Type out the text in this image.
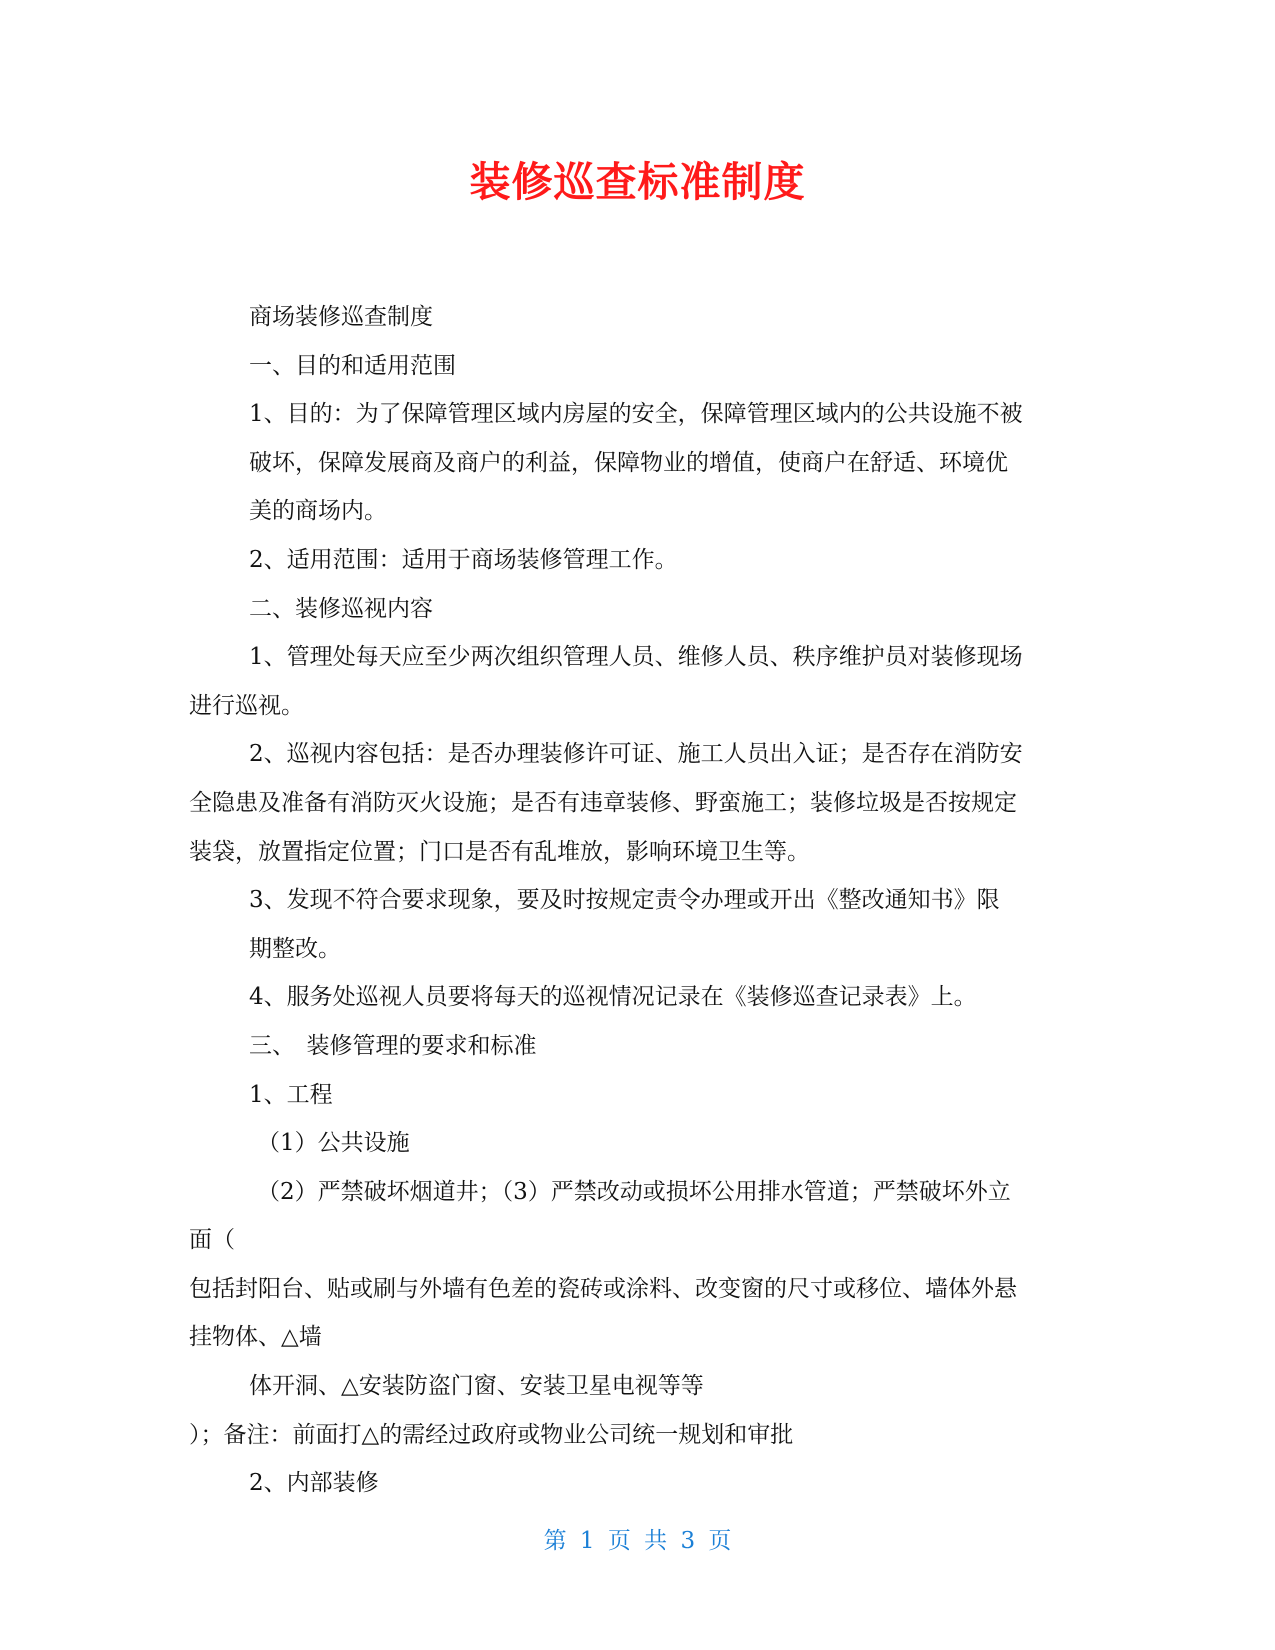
装修巡查标准制度
商场装修巡查制度
一、目的和适用范围
1、目的：为了保障管理区域内房屋的安全，保障管理区域内的公共设施不被
破坏，保障发展商及商户的利益，保障物业的增值，使商户在舒适、环境优
美的商场内。
2、适用范围：适用于商场装修管理工作。
二、装修巡视内容
1、管理处每天应至少两次组织管理人员、维修人员、秩序维护员对装修现场
进行巡视。
2、巡视内容包括：是否办理装修许可证、施工人员出入证；是否存在消防安
全隐患及准备有消防灭火设施；是否有违章装修、野蛮施工；装修垃圾是否按规定
装袋，放置指定位置；门口是否有乱堆放，影响环境卫生等。
3、发现不符合要求现象，要及时按规定责令办理或开出《整改通知书》限
期整改。
4、服务处巡视人员要将每天的巡视情况记录在《装修巡查记录表》上。
三、　装修管理的要求和标准
1、工程
（1）公共设施
（2）严禁破坏烟道井；（3）严禁改动或损坏公用排水管道；严禁破坏外立
面（
包括封阳台、贴或刷与外墙有色差的瓷砖或涂料、改变窗的尺寸或移位、墙体外悬
挂物体、△墙
体开洞、△安装防盗门窗、安装卫星电视等等
）；备注：前面打△的需经过政府或物业公司统一规划和审批
2、内部装修
第 1 页 共 3 页
